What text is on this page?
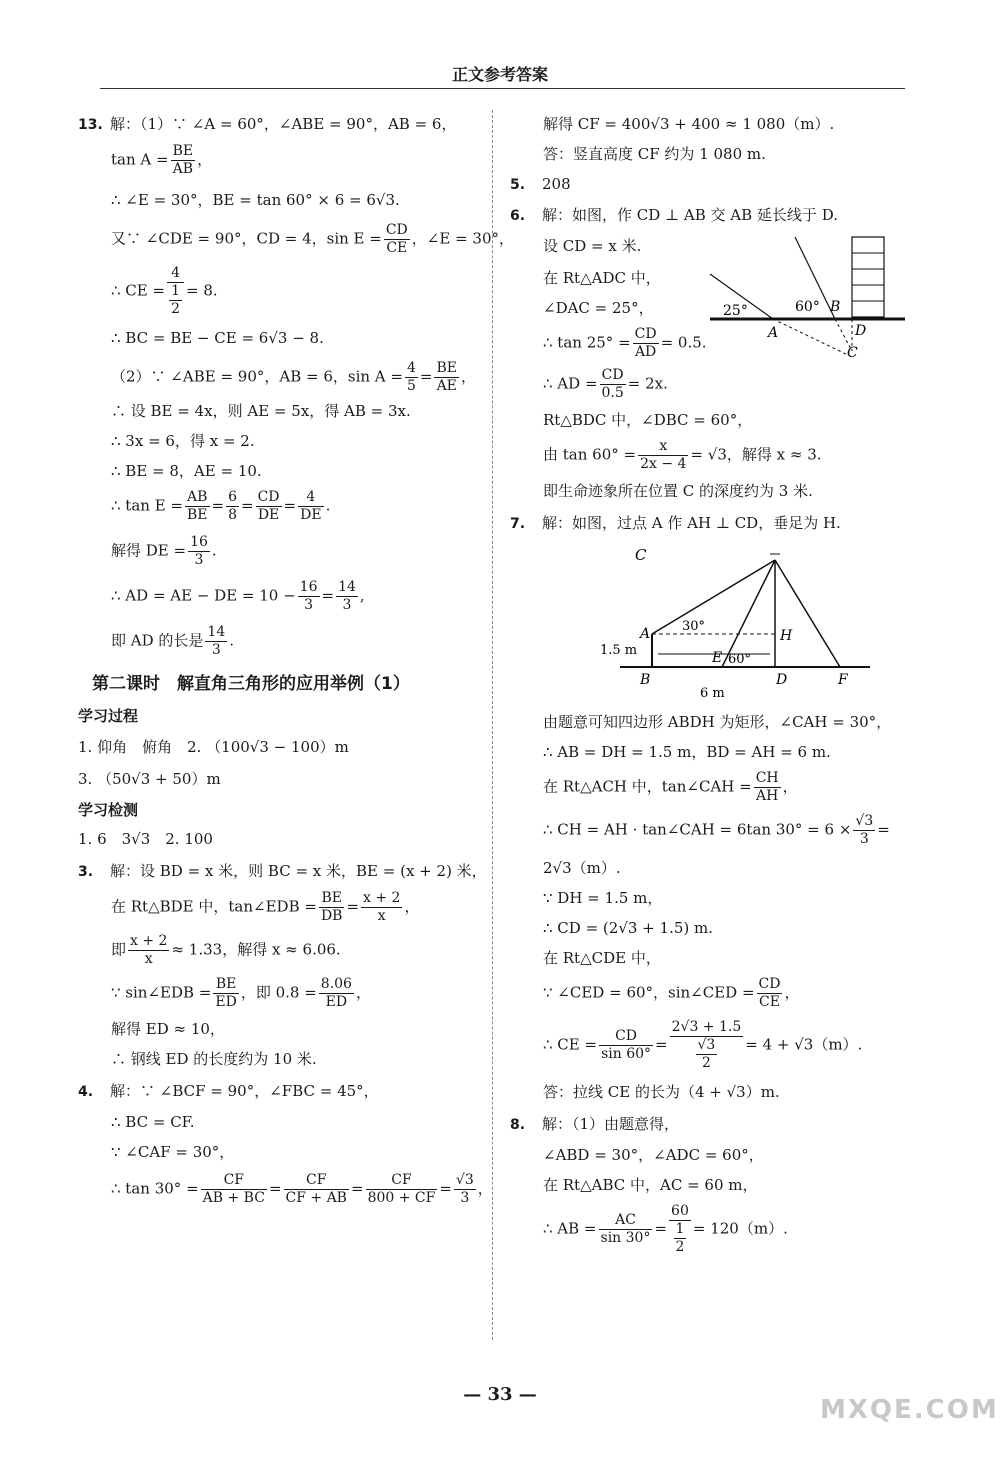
正文参考答案
13. 解：（1）∵ ∠A = 60°，∠ABE = 90°，AB = 6，
$\tan A = \frac{BE}{AB}$ ，
∴ ∠E = 30°，BE = tan 60° × 6 = 6√3.
又∵ ∠CDE = 90°，CD = 4，$\sin E = \frac{CD}{CE}$ ，∠E = 30°，
∴ CE = $\frac{4}{\frac{1}{2}} = 8$.
∴ BC = BE − CE = 6√3 − 8.
（2）∵ ∠ABE = 90°，AB = 6，$\sin A = \frac{4}{5} = \frac{BE}{AE}$ ，
∴ 设 BE = 4x，则 AE = 5x，得 AB = 3x.
∴ 3x = 6，得 x = 2.
∴ BE = 8，AE = 10.
∴ $\tan E = \frac{AB}{BE} = \frac{6}{8} = \frac{CD}{DE} = \frac{4}{DE}$ .
解得 DE = $\frac{16}{3}$ .
∴ AD = AE − DE = $10 - \frac{16}{3} = \frac{14}{3}$ ,
即 AD 的长是 $\frac{14}{3}$ .
第二课时　解直角三角形的应用举例（1）
学习过程
1. 仰角　俯角　2. （100√3 − 100）m
3. （50√3 + 50）m
学习检测
1. 6　3√3　2. 100
3. 解：设 BD = x 米，则 BC = x 米，BE = (x + 2) 米，
在 Rt△BDE 中，tan∠EDB = $\frac{BE}{DB} = \frac{x + 2}{x}$ ，
即 $\frac{x + 2}{x} \approx 1.33$，解得 x ≈ 6.06.
∵ sin∠EDB = $\frac{BE}{ED}$ ，即 $0.8 = \frac{8.06}{ED}$ ，
解得 ED ≈ 10，
∴ 钢线 ED 的长度约为 10 米.
4. 解：∵ ∠BCF = 90°，∠FBC = 45°，
∴ BC = CF.
∵ ∠CAF = 30°，
∴ $\tan 30^\circ = \frac{CF}{AB + BC} = \frac{CF}{CF + AB} = \frac{CF}{800 + CF} = \frac{√3}{3}$ ，
解得 CF = 400√3 + 400 ≈ 1 080（m）.
答：竖直高度 CF 约为 1 080 m.
5. 208
6. 解：如图，作 CD ⊥ AB 交 AB 延长线于 D.
设 CD = x 米.
在 Rt△ADC 中，
∠DAC = 25°，
∴ $\tan 25^\circ = \frac{CD}{AD} = 0.5$.
∴ AD = $\frac{CD}{0.5} = 2x$.
Rt△BDC 中，∠DBC = 60°，
由 $\tan 60^\circ = \frac{x}{2x - 4} = √3$，解得 x ≈ 3.
即生命迹象所在位置 C 的深度约为 3 米.
25°	60°
A
B
D
C
7. 解：如图，过点 A 作 AH ⊥ CD，垂足为 H.
C
A	H
B
E
D	F
30°
60°
1.5 m
6 m
由题意可知四边形 ABDH 为矩形，∠CAH = 30°，
∴ AB = DH = 1.5 m，BD = AH = 6 m.
在 Rt△ACH 中，tan∠CAH = $\frac{CH}{AH}$ ，
∴ CH = AH · tan∠CAH = 6tan $30^\circ = 6 \times \frac{√3}{3}$ =
2√3（m）.
∵ DH = 1.5 m，
∴ CD = (2√3 + 1.5) m.
在 Rt△CDE 中，
∵ ∠CED = 60°，sin∠CED = $\frac{CD}{CE}$ ，
∴ CE = $\frac{CD}{\sin 60^\circ} = \frac{2√3 + 1.5}{\frac{√3}{2}} = 4 + √3(m)$.
答：拉线 CE 的长为（4 + √3）m.
8. 解：（1）由题意得，
∠ABD = 30°，∠ADC = 60°，
在 Rt△ABC 中，AC = 60 m，
∴ AB = $\frac{AC}{\sin 30^\circ} = \frac{60}{\frac{1}{2}} = 120(m)$.
— 33 —
MXQE.COM
